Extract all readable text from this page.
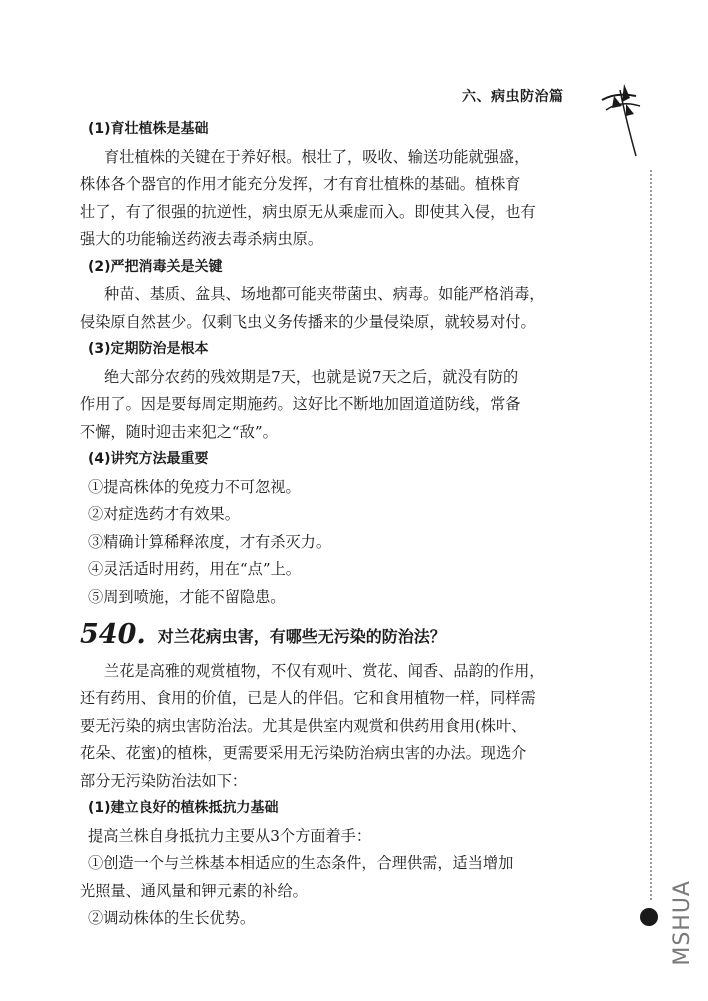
六、病虫防治篇
MSHUA
(1)育壮植株是基础
育壮植株的关键在于养好根。根壮了，吸收、输送功能就强盛，
株体各个器官的作用才能充分发挥，才有育壮植株的基础。植株育
壮了，有了很强的抗逆性，病虫原无从乘虚而入。即使其入侵，也有
强大的功能输送药液去毒杀病虫原。
(2)严把消毒关是关键
种苗、基质、盆具、场地都可能夹带菌虫、病毒。如能严格消毒，
侵染原自然甚少。仅剩飞虫义务传播来的少量侵染原，就较易对付。
(3)定期防治是根本
绝大部分农药的残效期是7天，也就是说7天之后，就没有防的
作用了。因是要每周定期施药。这好比不断地加固道道防线，常备
不懈，随时迎击来犯之“敌”。
(4)讲究方法最重要
①提高株体的免疫力不可忽视。
②对症选药才有效果。
③精确计算稀释浓度，才有杀灭力。
④灵活适时用药，用在“点”上。
⑤周到喷施，才能不留隐患。
540. 对兰花病虫害，有哪些无污染的防治法？
兰花是高雅的观赏植物，不仅有观叶、赏花、闻香、品韵的作用，
还有药用、食用的价值，已是人的伴侣。它和食用植物一样，同样需
要无污染的病虫害防治法。尤其是供室内观赏和供药用食用(株叶、
花朵、花蜜)的植株，更需要采用无污染防治病虫害的办法。现选介
部分无污染防治法如下：
(1)建立良好的植株抵抗力基础
提高兰株自身抵抗力主要从3个方面着手：
①创造一个与兰株基本相适应的生态条件，合理供需，适当增加
光照量、通风量和钾元素的补给。
②调动株体的生长优势。
